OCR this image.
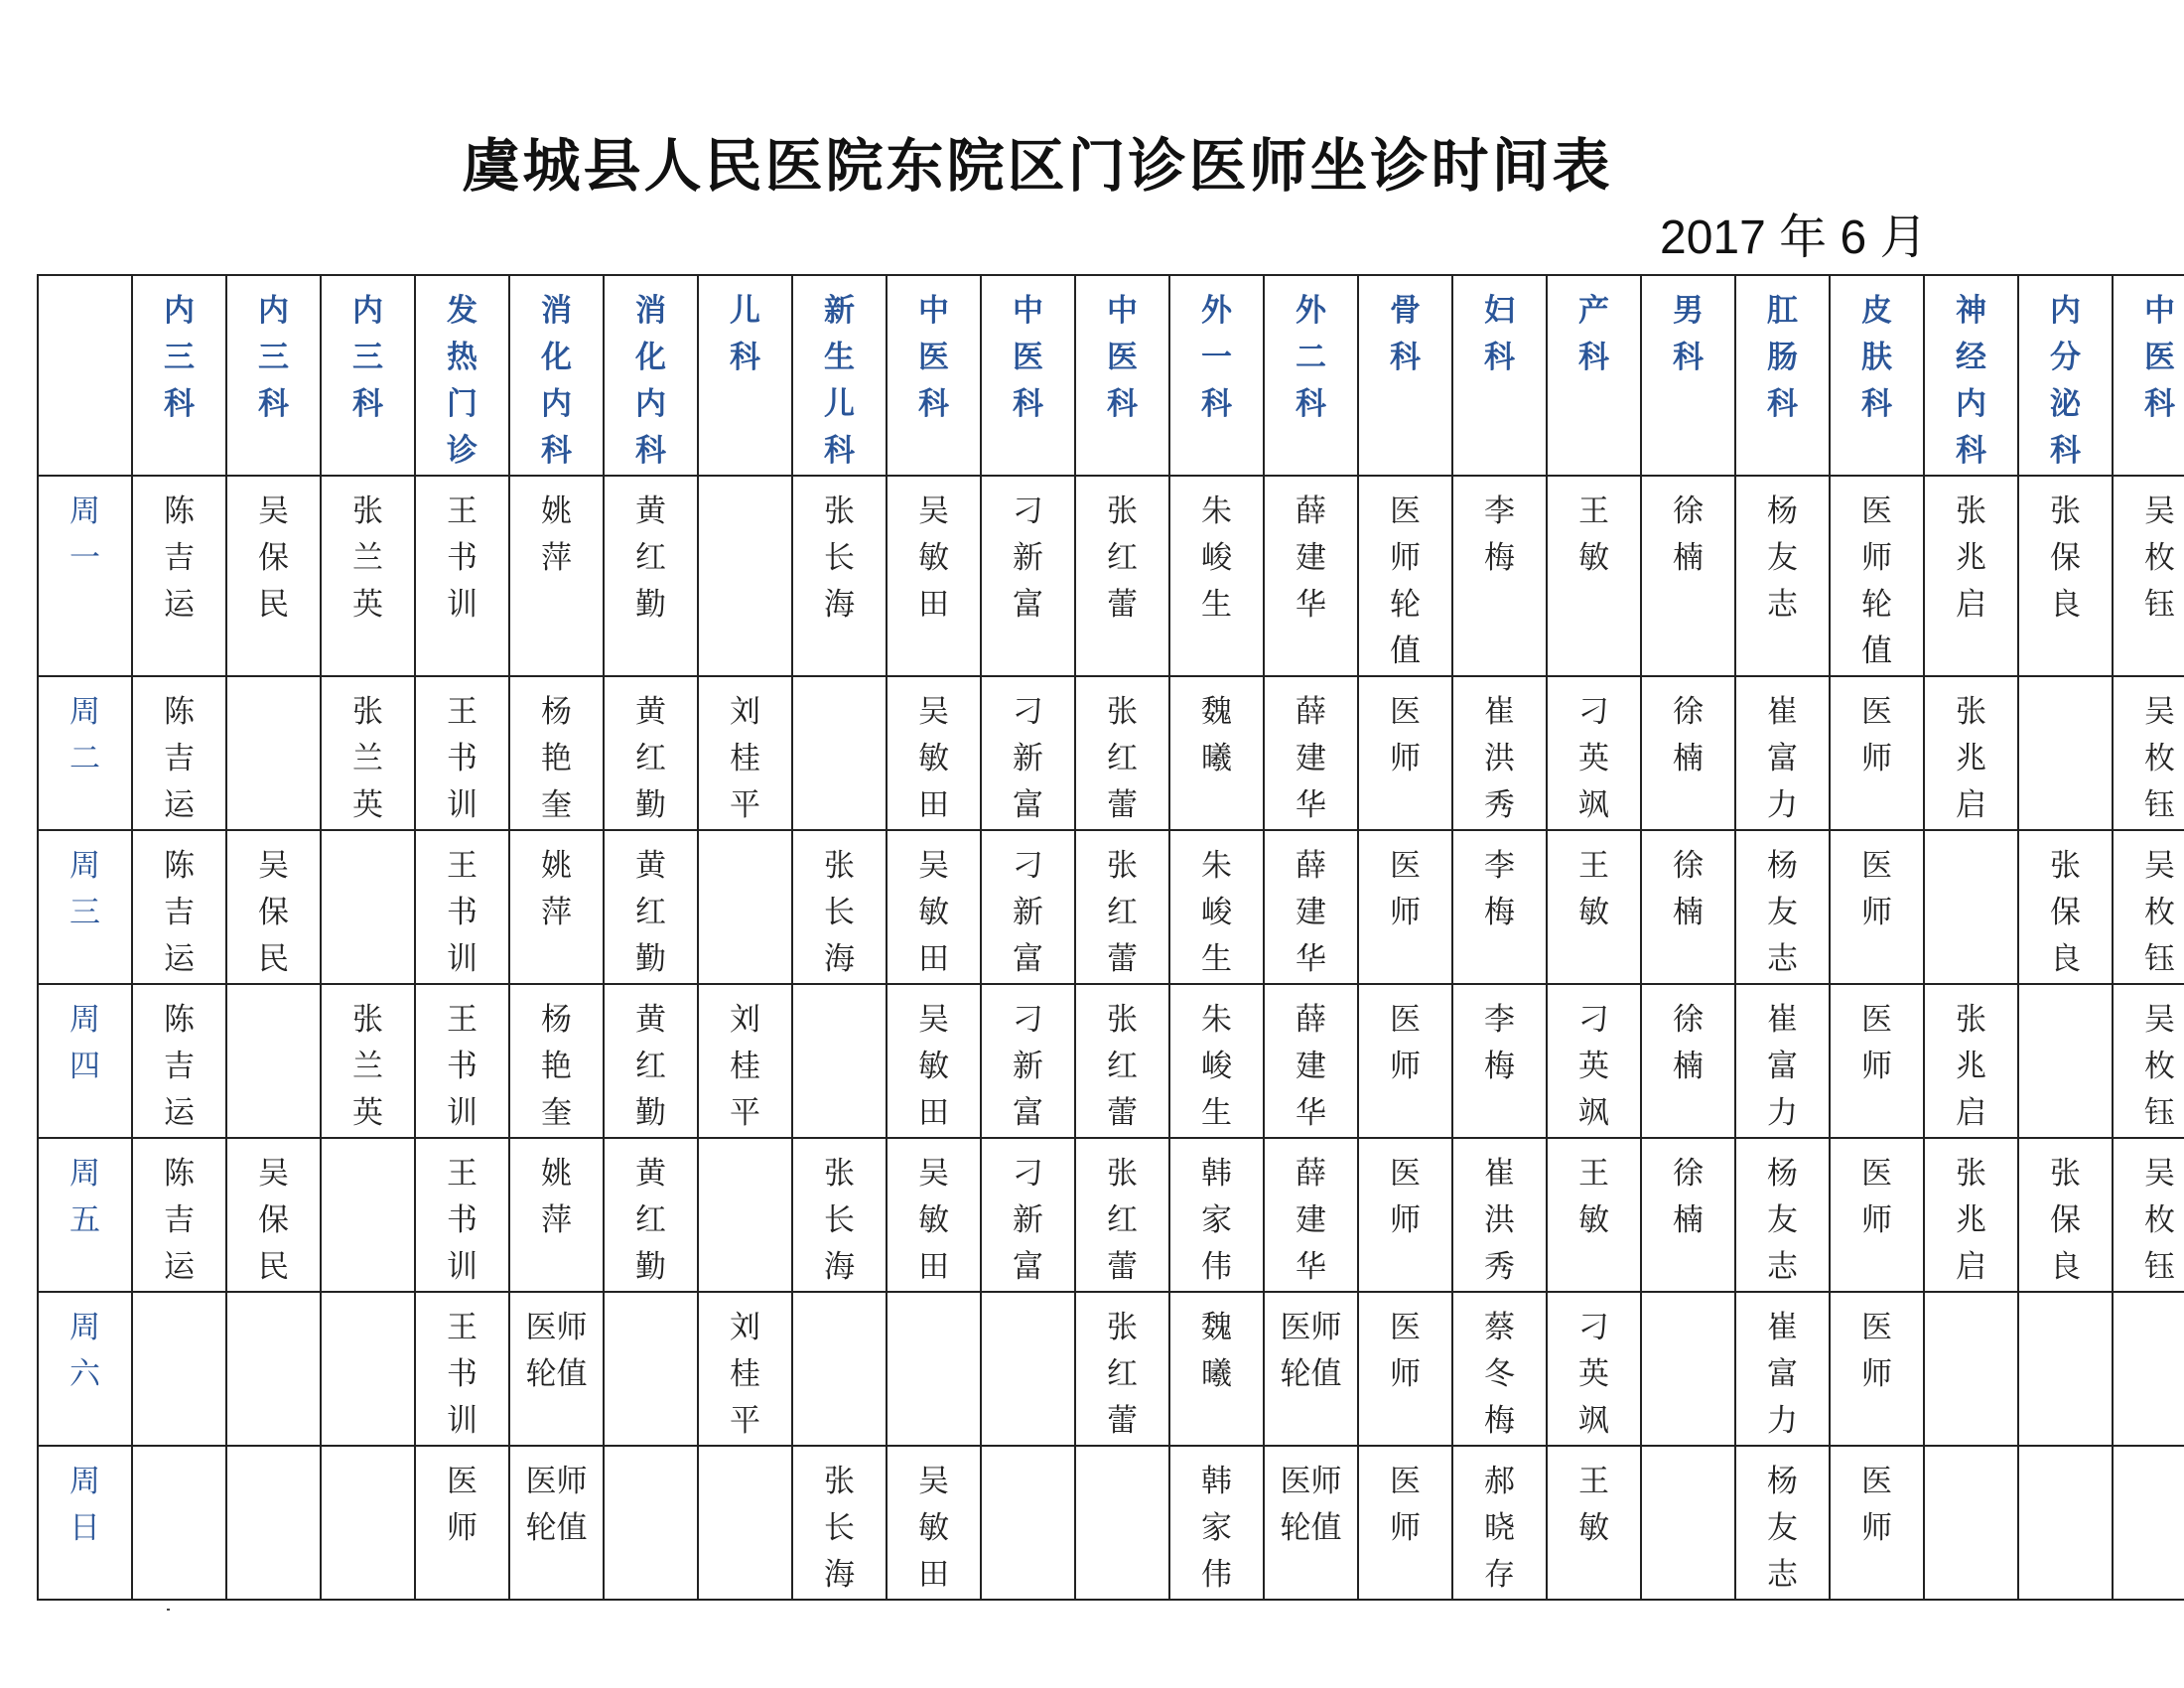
虞城县人民医院东院区门诊医师坐诊时间表
2017 年 6 月

	内三科	内三科	内三科	发热门诊	消化内科	消化内科	儿科	新生儿科	中医科	中医科	中医科	外一科	外二科	骨科	妇科	产科	男科	肛肠科	皮肤科	神经内科	内分泌科	中医科

周一	陈吉运	吴保民	张兰英	王书训	姚萍	黄红勤		张长海	吴敏田	刁新富	张红蕾	朱峻生	薛建华	医师轮值	李梅	王敏	徐楠	杨友志	医师轮值	张兆启	张保良	吴枚钰

周二	陈吉运		张兰英	王书训	杨艳奎	黄红勤	刘桂平		吴敏田	刁新富	张红蕾	魏曦	薛建华	医师	崔洪秀	刁英飒	徐楠	崔富力	医师	张兆启		吴枚钰

周三	陈吉运	吴保民		王书训	姚萍	黄红勤		张长海	吴敏田	刁新富	张红蕾	朱峻生	薛建华	医师	李梅	王敏	徐楠	杨友志	医师		张保良	吴枚钰

周四	陈吉运		张兰英	王书训	杨艳奎	黄红勤	刘桂平		吴敏田	刁新富	张红蕾	朱峻生	薛建华	医师	李梅	刁英飒	徐楠	崔富力	医师	张兆启		吴枚钰

周五	陈吉运	吴保民		王书训	姚萍	黄红勤		张长海	吴敏田	刁新富	张红蕾	韩家伟	薛建华	医师	崔洪秀	王敏	徐楠	杨友志	医师	张兆启	张保良	吴枚钰

周六				王书训	医师轮值		刘桂平				张红蕾	魏曦	医师轮值	医师	蔡冬梅	刁英飒		崔富力	医师			

周日				医师	医师轮值			张长海	吴敏田			韩家伟	医师轮值	医师	郝晓存	王敏		杨友志	医师			
